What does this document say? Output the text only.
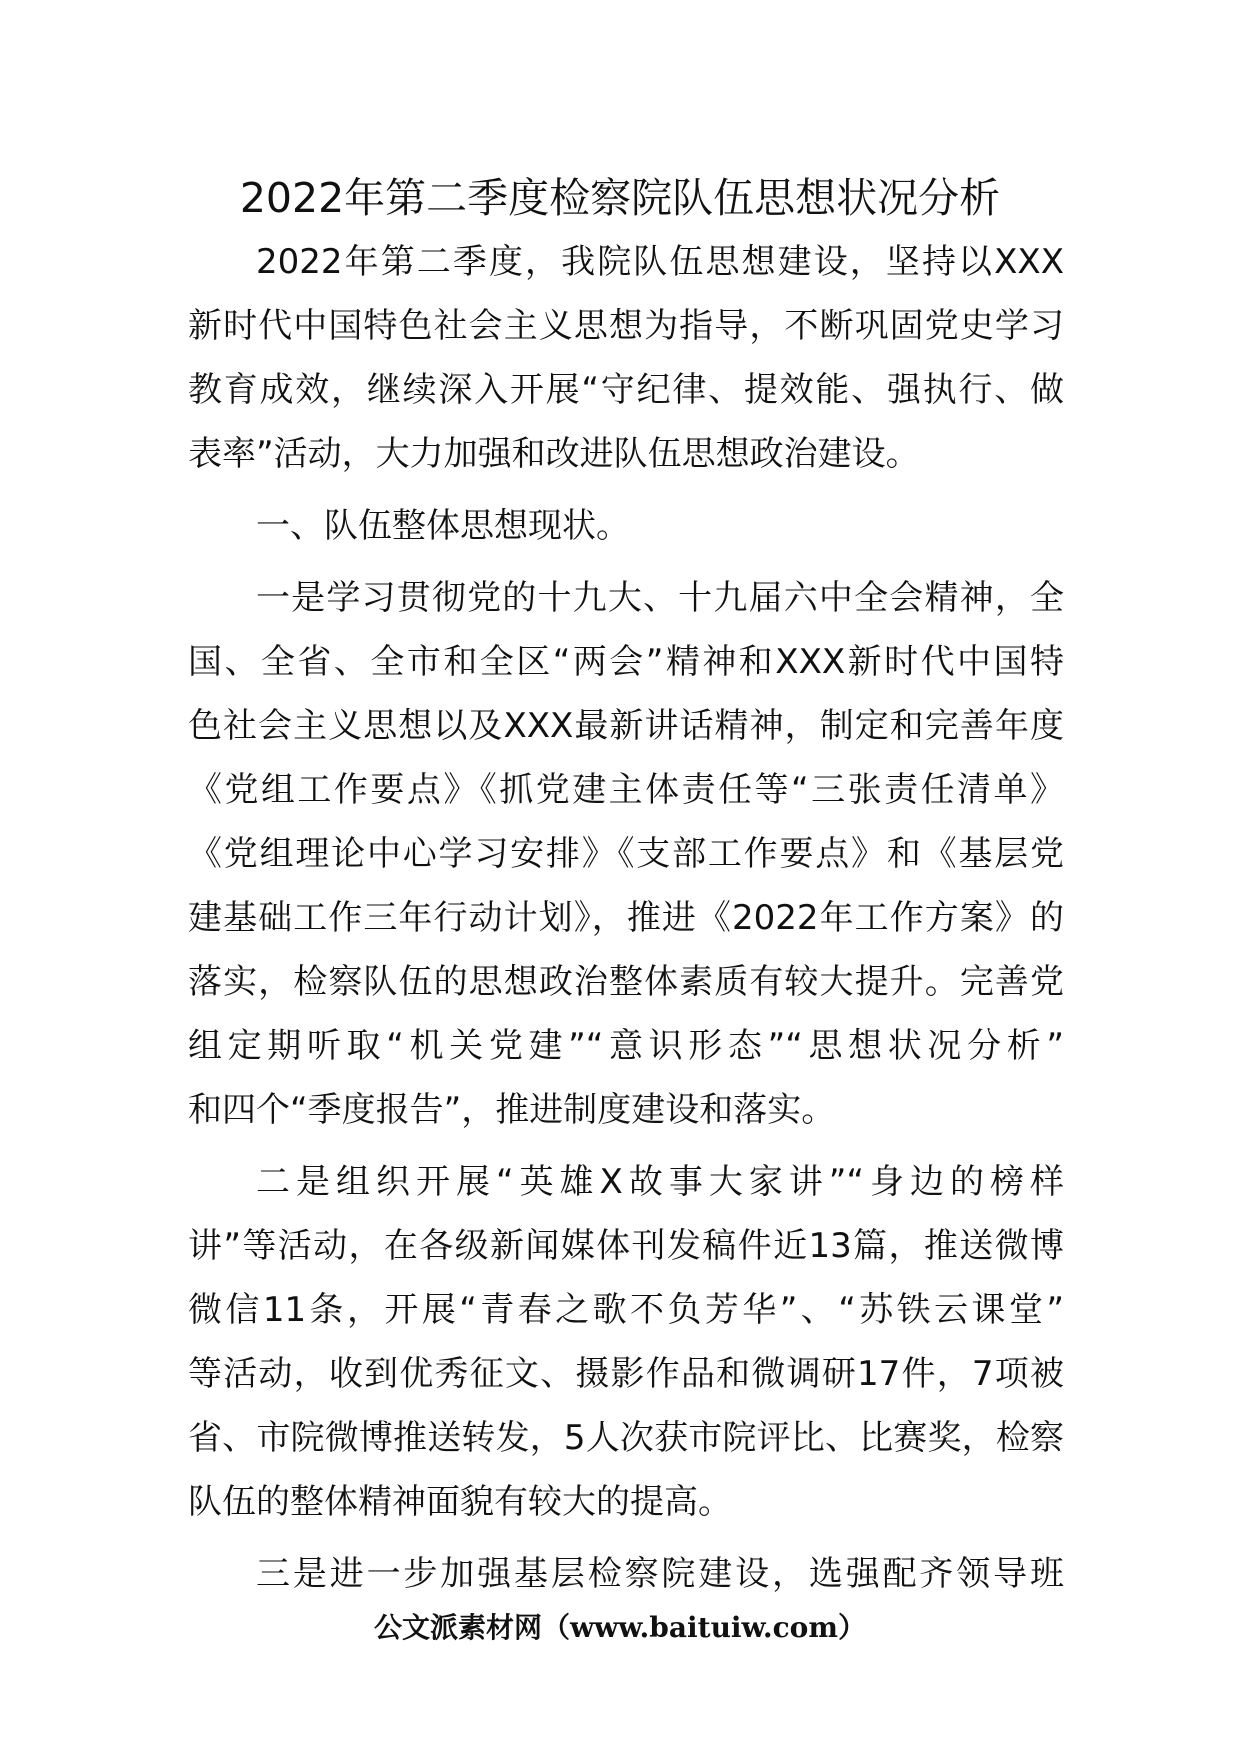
2022年第二季度检察院队伍思想状况分析
2022年第二季度，我院队伍思想建设，坚持以XXX
新时代中国特色社会主义思想为指导，不断巩固党史学习
教育成效，继续深入开展“守纪律、提效能、强执行、做
表率”活动，大力加强和改进队伍思想政治建设。
一、队伍整体思想现状。
一是学习贯彻党的十九大、十九届六中全会精神，全
国、全省、全市和全区“两会”精神和XXX新时代中国特
色社会主义思想以及XXX最新讲话精神，制定和完善年度
《党组工作要点》《抓党建主体责任等“三张责任清单》
《党组理论中心学习安排》《支部工作要点》和《基层党
建基础工作三年行动计划》，推进《2022年工作方案》的
落实，检察队伍的思想政治整体素质有较大提升。完善党
组定期听取“机关党建”“意识形态”“思想状况分析”
和四个“季度报告”，推进制度建设和落实。
二是组织开展“英雄X故事大家讲”“身边的榜样
讲”等活动，在各级新闻媒体刊发稿件近13篇，推送微博
微信11条，开展“青春之歌不负芳华”、“苏铁云课堂”
等活动，收到优秀征文、摄影作品和微调研17件，7项被
省、市院微博推送转发，5人次获市院评比、比赛奖，检察
队伍的整体精神面貌有较大的提高。
三是进一步加强基层检察院建设，选强配齐领导班
公文派素材网（www.baituiw.com）
